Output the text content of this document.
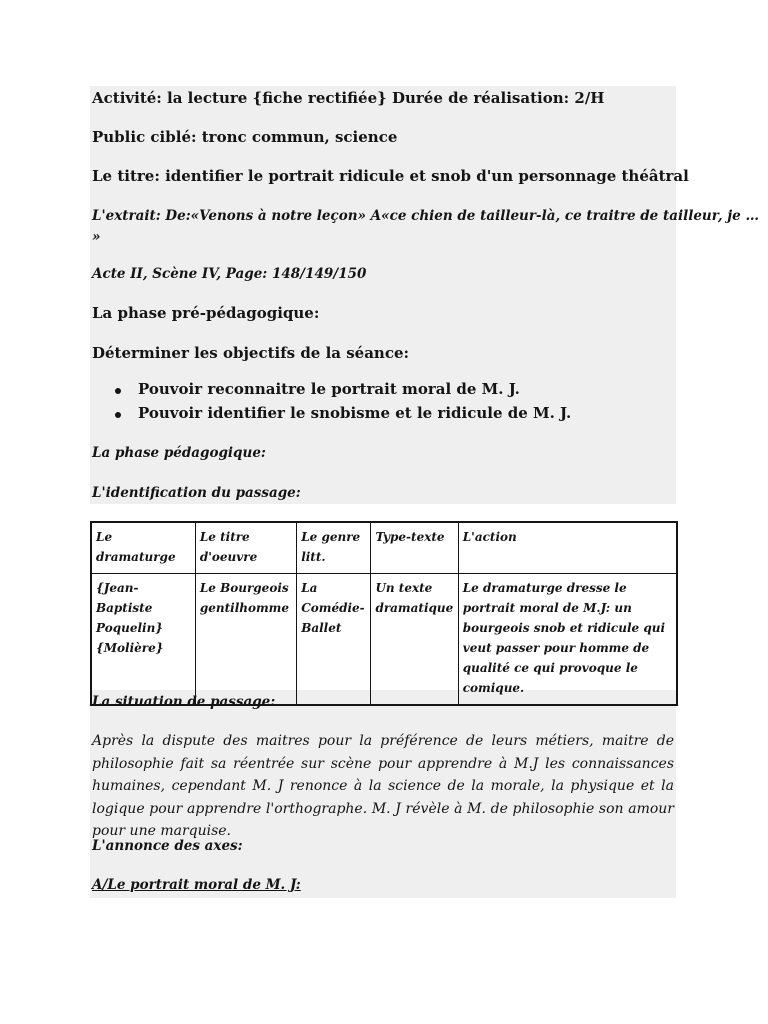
Activité: la lecture {fiche rectifiée} Durée de réalisation: 2/H
Public ciblé: tronc commun, science
Le titre: identifier le portrait ridicule et snob d'un personnage théâtral
L'extrait: De:«Venons à notre leçon» A«ce chien de tailleur-là, ce traitre de tailleur, je …
»
Acte II, Scène IV, Page: 148/149/150
La phase pré-pédagogique:
Déterminer les objectifs de la séance:
Pouvoir reconnaitre le portrait moral de M. J.
Pouvoir identifier le snobisme et le ridicule de M. J.
La phase pédagogique:
L'identification du passage:
Le dramaturge	Le titre d'oeuvre	Le genre litt.	Type-texte	L'action
{Jean-Baptiste Poquelin} {Molière}	Le Bourgeois gentilhomme	La Comédie-Ballet	Un texte dramatique	Le dramaturge dresse le portrait moral de M.J: un bourgeois snob et ridicule qui veut passer pour homme de qualité ce qui provoque le comique.
La situation de passage:
Après la dispute des maitres pour la préférence de leurs métiers, maitre de philosophie fait sa réentrée sur scène pour apprendre à M.J les connaissances humaines, cependant M. J renonce à la science de la morale, la physique et la logique pour apprendre l'orthographe. M. J révèle à M. de philosophie son amour pour une marquise.
L'annonce des axes:
A/Le portrait moral de M. J:
